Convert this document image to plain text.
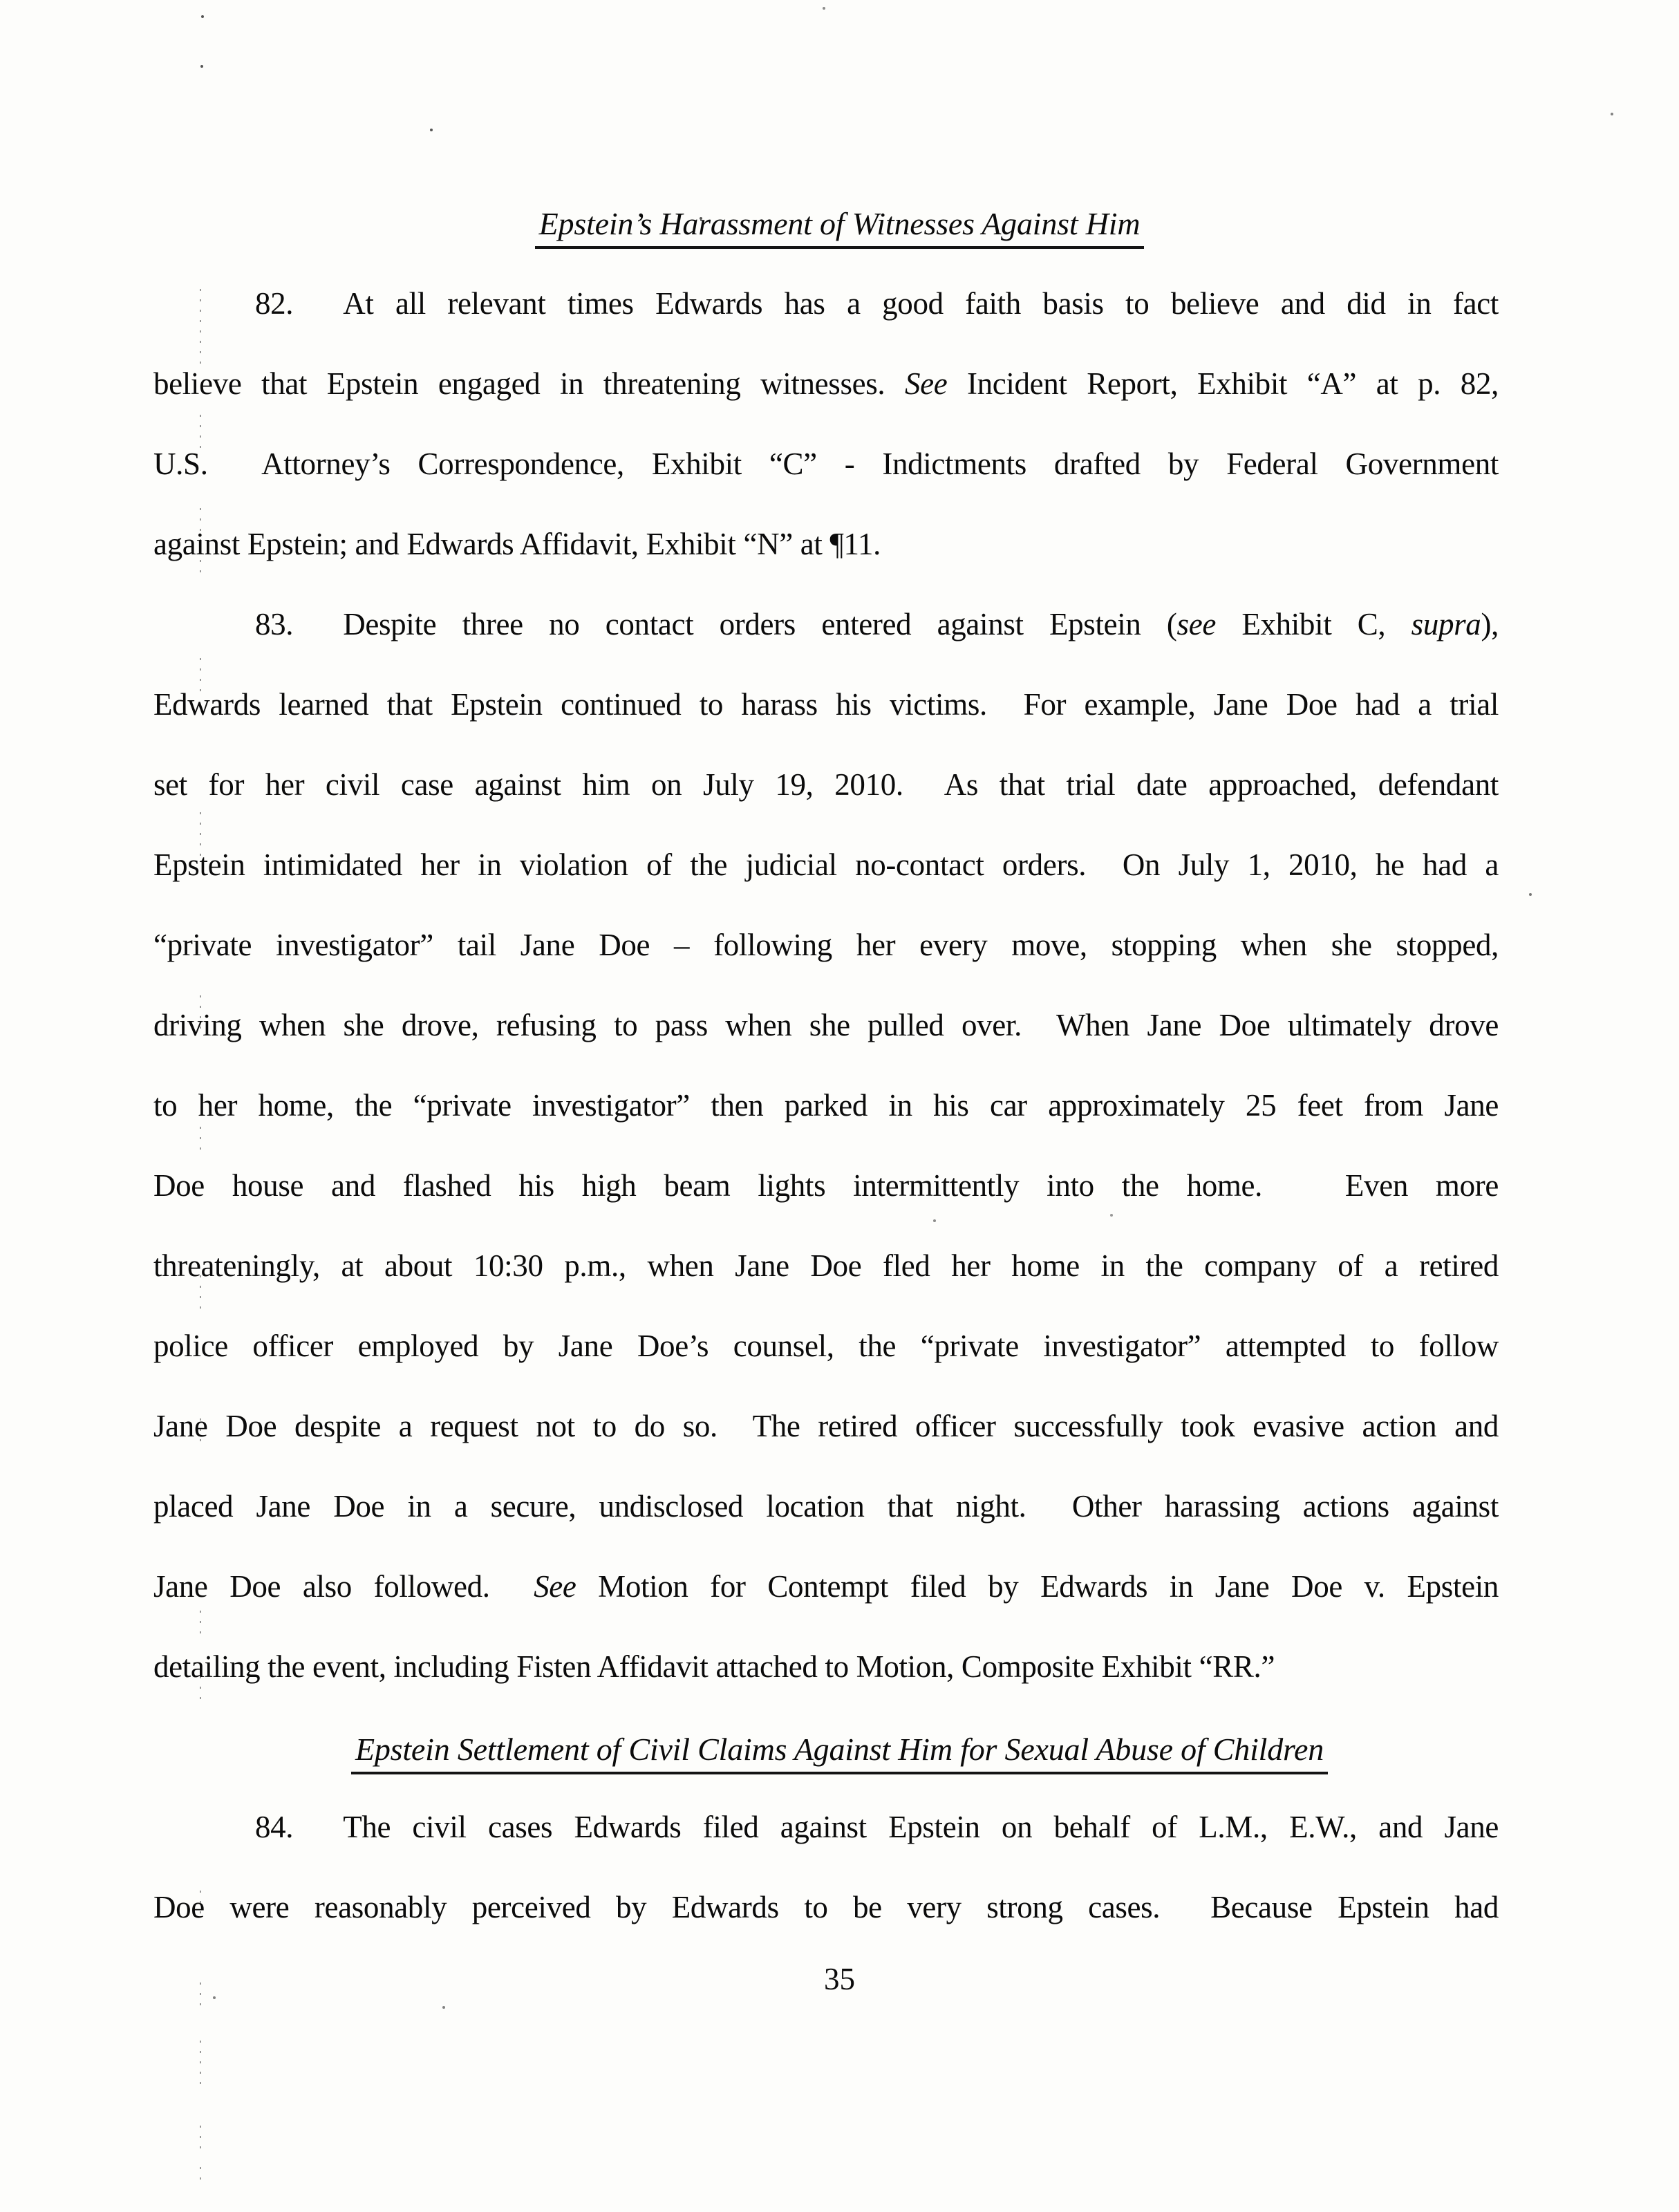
Epstein’s Harassment of Witnesses Against Him
82. At all relevant times Edwards has a good faith basis to believe and did in fact
believe that Epstein engaged in threatening witnesses. See Incident Report, Exhibit “A” at p. 82,
U.S.  Attorney’s Correspondence, Exhibit “C” - Indictments drafted by Federal Government
against Epstein; and Edwards Affidavit, Exhibit “N” at ¶11.
83. Despite three no contact orders entered against Epstein (see Exhibit C, supra),
Edwards learned that Epstein continued to harass his victims.  For example, Jane Doe had a trial
set for her civil case against him on July 19, 2010.  As that trial date approached, defendant
Epstein intimidated her in violation of the judicial no-contact orders.  On July 1, 2010, he had a
“private investigator” tail Jane Doe – following her every move, stopping when she stopped,
driving when she drove, refusing to pass when she pulled over.  When Jane Doe ultimately drove
to her home, the “private investigator” then parked in his car approximately 25 feet from Jane
Doe house and flashed his high beam lights intermittently into the home.   Even more
threateningly, at about 10:30 p.m., when Jane Doe fled her home in the company of a retired
police officer employed by Jane Doe’s counsel, the “private investigator” attempted to follow
Jane Doe despite a request not to do so.  The retired officer successfully took evasive action and
placed Jane Doe in a secure, undisclosed location that night.  Other harassing actions against
Jane Doe also followed.  See Motion for Contempt filed by Edwards in Jane Doe v. Epstein
detailing the event, including Fisten Affidavit attached to Motion, Composite Exhibit “RR.”
Epstein Settlement of Civil Claims Against Him for Sexual Abuse of Children
84. The civil cases Edwards filed against Epstein on behalf of L.M., E.W., and Jane
Doe were reasonably perceived by Edwards to be very strong cases.  Because Epstein had
35
